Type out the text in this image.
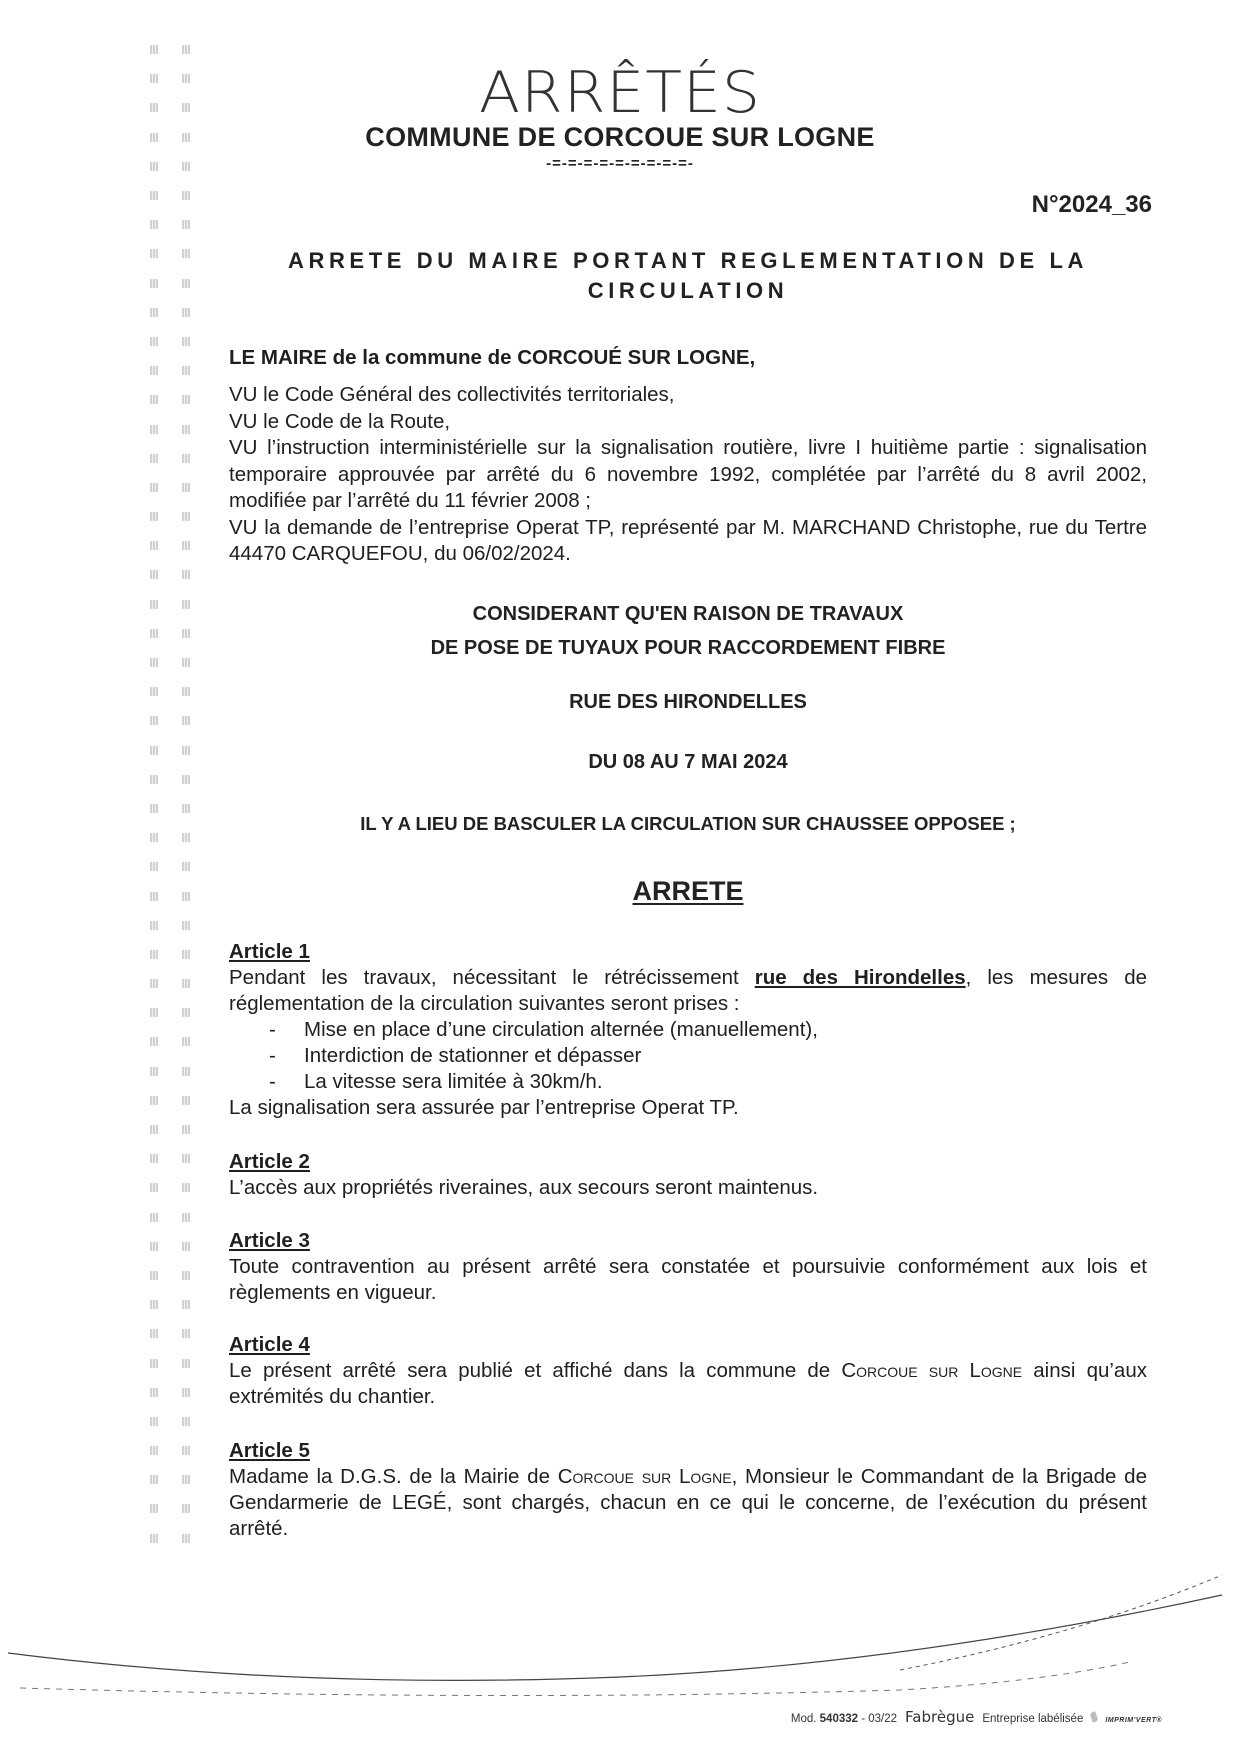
ARRÊTÉS
COMMUNE DE CORCOUE SUR LOGNE
-=-=-=-=-=-=-=-=-=-
N°2024_36
ARRETE DU MAIRE PORTANT REGLEMENTATION DE LA
CIRCULATION
LE MAIRE de la commune de CORCOUÉ SUR LOGNE,

VU le Code Général des collectivités territoriales,

VU le Code de la Route,

VU l’instruction interministérielle sur la signalisation routière, livre I huitième partie : signalisation temporaire approuvée par arrêté du 6 novembre 1992, complétée par l’arrêté du 8 avril 2002, modifiée par l’arrêté du 11 février 2008 ;

VU la demande de l’entreprise Operat TP, représenté par M. MARCHAND Christophe, rue du Tertre 44470 CARQUEFOU, du 06/02/2024.

CONSIDERANT QU'EN RAISON DE TRAVAUX
DE POSE DE TUYAUX POUR RACCORDEMENT FIBRE
RUE DES HIRONDELLES
DU 08 AU 7 MAI 2024
IL Y A LIEU DE BASCULER LA CIRCULATION SUR CHAUSSEE OPPOSEE ;
ARRETE
Article 1

Pendant les travaux, nécessitant le rétrécissement rue des Hirondelles, les mesures de réglementation de la circulation suivantes seront prises :

- Mise en place d’une circulation alternée (manuellement),
- Interdiction de stationner et dépasser
- La vitesse sera limitée à 30km/h.

La signalisation sera assurée par l’entreprise Operat TP.

Article 2

L’accès aux propriétés riveraines, aux secours seront maintenus.

Article 3

Toute contravention au présent arrêté sera constatée et poursuivie conformément aux lois et règlements en vigueur.

Article 4

Le présent arrêté sera publié et affiché dans la commune de Corcoue sur Logne ainsi qu’aux extrémités du chantier.

Article 5

Madame la D.G.S. de la Mairie de Corcoue sur Logne, Monsieur le Commandant de la Brigade de Gendarmerie de LEGÉ, sont chargés, chacun en ce qui le concerne, de l’exécution du présent arrêté.

Mod. 540332 - 03/22 Fabrègue Entreprise labélisée	IMPRIM'VERT®
